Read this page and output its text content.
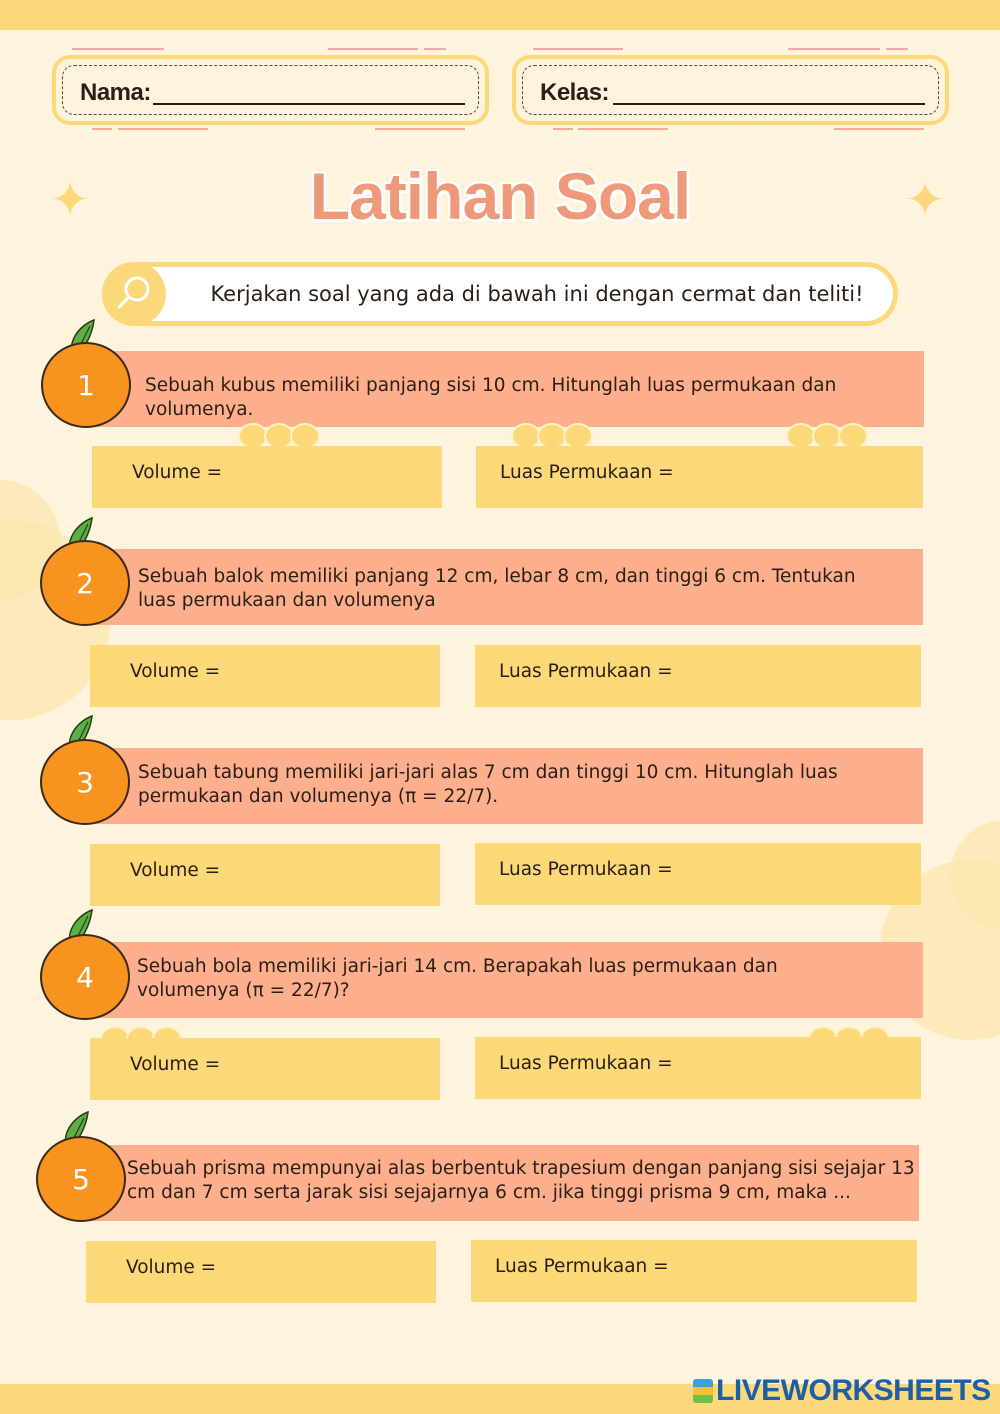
Nama:	Kelas:
✦	✦
Latihan Soal
Kerjakan soal yang ada di bawah ini dengan cermat dan teliti!
Sebuah kubus memiliki panjang sisi 10 cm. Hitunglah luas permukaan dan volumenya.
1
Volume =	Luas Permukaan =
Sebuah balok memiliki panjang 12 cm, lebar 8 cm, dan tinggi 6 cm. Tentukan luas permukaan dan volumenya
2
Volume =	Luas Permukaan =
Sebuah tabung memiliki jari-jari alas 7 cm dan tinggi 10 cm. Hitunglah luas permukaan dan volumenya (π = 22/7).
3
Volume =	Luas Permukaan =
Sebuah bola memiliki jari-jari 14 cm. Berapakah luas permukaan dan volumenya (π = 22/7)?
4
Volume =	Luas Permukaan =
Sebuah prisma mempunyai alas berbentuk trapesium dengan panjang sisi sejajar 13 cm dan 7 cm serta jarak sisi sejajarnya 6 cm. jika tinggi prisma 9 cm, maka ...
5
Volume =	Luas Permukaan =
LIVEWORKSHEETS
